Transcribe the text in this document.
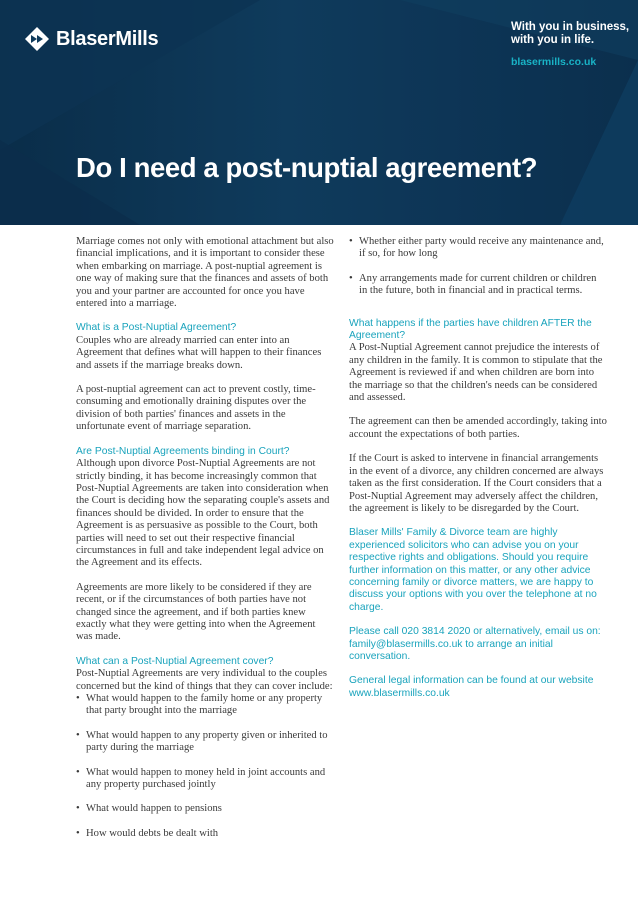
BlaserMills
With you in business,
with you in life.
blasermills.co.uk
Do I need a post-nuptial agreement?

Marriage comes not only with emotional attachment but also financial implications, and it is important to consider these when embarking on marriage. A post-nuptial agreement is one way of making sure that the finances and assets of both you and your partner are accounted for once you have entered into a marriage.

What is a Post-Nuptial Agreement?

Couples who are already married can enter into an Agreement that defines what will happen to their finances and assets if the marriage breaks down.

A post-nuptial agreement can act to prevent costly, time-consuming and emotionally draining disputes over the division of both parties' finances and assets in the unfortunate event of marriage separation.

Are Post-Nuptial Agreements binding in Court?

Although upon divorce Post-Nuptial Agreements are not strictly binding, it has become increasingly common that Post-Nuptial Agreements are taken into consideration when the Court is deciding how the separating couple's assets and finances should be divided. In order to ensure that the Agreement is as persuasive as possible to the Court, both parties will need to set out their respective financial circumstances in full and take independent legal advice on the Agreement and its effects.

Agreements are more likely to be considered if they are recent, or if the circumstances of both parties have not changed since the agreement, and if both parties knew exactly what they were getting into when the Agreement was made.

What can a Post-Nuptial Agreement cover?

Post-Nuptial Agreements are very individual to the couples concerned but the kind of things that they can cover include:

• What would happen to the family home or any property that party brought into the marriage
• What would happen to any property given or inherited to party during the marriage
• What would happen to money held in joint accounts and any property purchased jointly
• What would happen to pensions
• How would debts be dealt with
• Whether either party would receive any maintenance and, if so, for how long
• Any arrangements made for current children or children in the future, both in financial and in practical terms.
What happens if the parties have children AFTER the Agreement?

A Post-Nuptial Agreement cannot prejudice the interests of any children in the family. It is common to stipulate that the Agreement is reviewed if and when children are born into the marriage so that the children's needs can be considered and assessed.

The agreement can then be amended accordingly, taking into account the expectations of both parties.

If the Court is asked to intervene in financial arrangements in the event of a divorce, any children concerned are always taken as the first consideration. If the Court considers that a Post-Nuptial Agreement may adversely affect the children, the agreement is likely to be disregarded by the Court.

Blaser Mills' Family & Divorce team are highly experienced solicitors who can advise you on your respective rights and obligations. Should you require further information on this matter, or any other advice concerning family or divorce matters, we are happy to discuss your options with you over the telephone at no charge.

Please call 020 3814 2020 or alternatively, email us on: family@blasermills.co.uk to arrange an initial conversation.

General legal information can be found at our website www.blasermills.co.uk
